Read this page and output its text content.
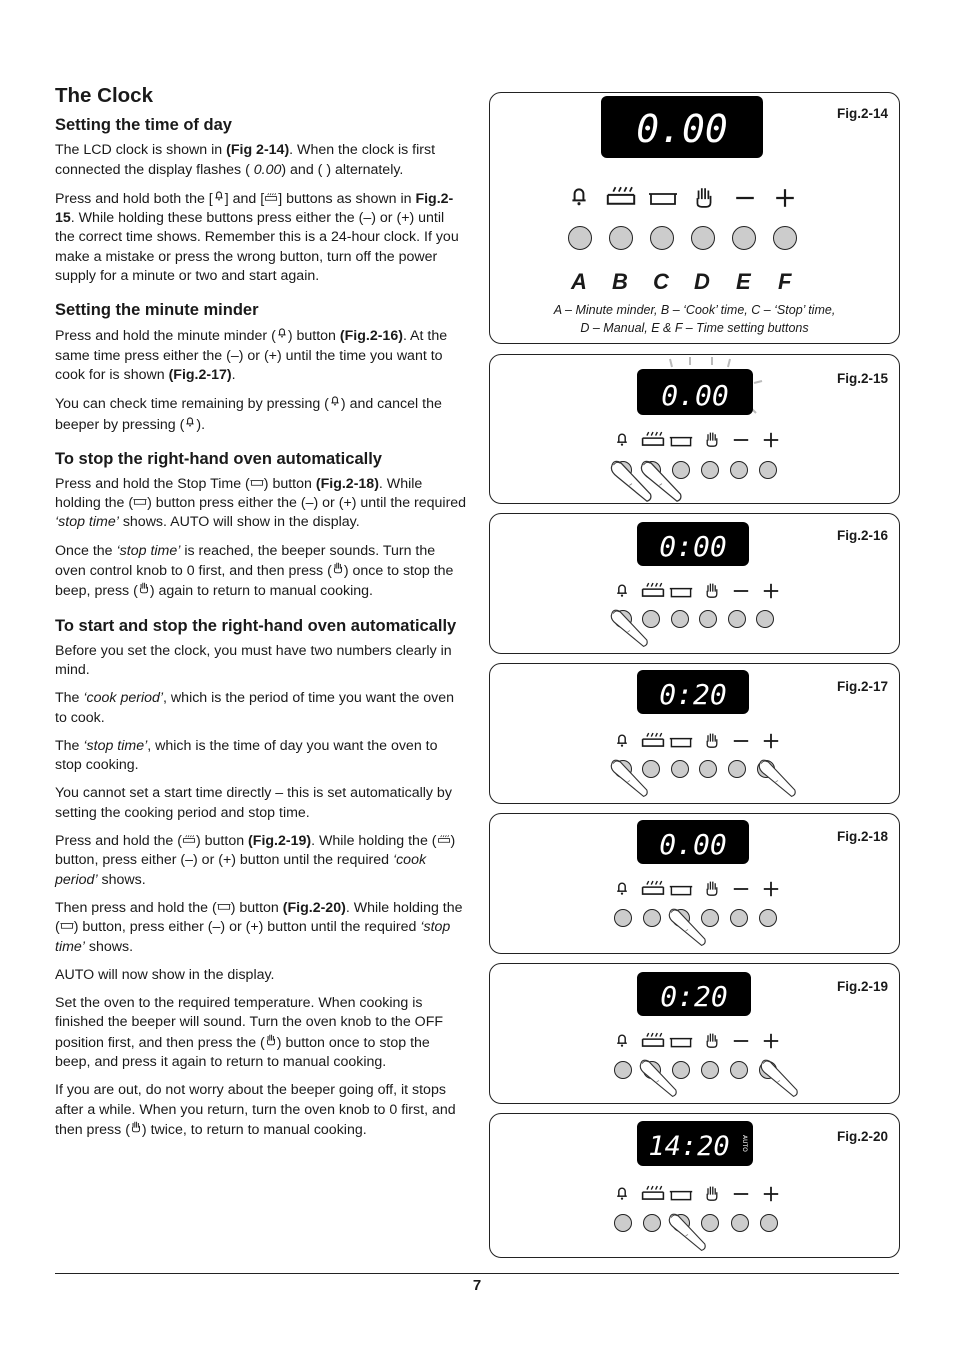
The Clock
Setting the time of day

The LCD clock is shown in (Fig 2-14). When the clock is first connected the display flashes ( 0.00) and ( ) alternately.

Press and hold both the [ ] and [ ] buttons as shown in Fig.2-15. While holding these buttons press either the (–) or (+) until the correct time shows. Remember this is a 24-hour clock. If you make a mistake or press the wrong button, turn off the power supply for a minute or two and start again.

Setting the minute minder

Press and hold the minute minder ( ) button (Fig.2-16). At the same time press either the (–) or (+) until the time you want to cook for is shown (Fig.2-17).

You can check time remaining by pressing ( ) and cancel the beeper by pressing ( ).

To stop the right-hand oven automatically

Press and hold the Stop Time ( ) button (Fig.2-18). While holding the ( ) button press either the (–) or (+) until the required ‘stop time’ shows. AUTO will show in the display.

Once the ‘stop time’ is reached, the beeper sounds. Turn the oven control knob to 0 first, and then press ( ) once to stop the beep, press ( ) again to return to manual cooking.

To start and stop the right-hand oven automatically

Before you set the clock, you must have two numbers clearly in mind.

The ‘cook period’, which is the period of time you want the oven to cook.

The ‘stop time’, which is the time of day you want the oven to stop cooking.

You cannot set a start time directly – this is set automatically by setting the cooking period and stop time.

Press and hold the ( ) button (Fig.2-19). While holding the ( ) button, press either (–) or (+) button until the required ‘cook period’ shows.

Then press and hold the ( ) button (Fig.2-20). While holding the ( ) button, press either (–) or (+) button until the required ‘stop time’ shows.

AUTO will now show in the display.

Set the oven to the required temperature. When cooking is finished the beeper will sound. Turn the oven knob to the OFF position first, and then press the ( ) button once to stop the beep, and press it again to return to manual cooking.

If you are out, do not worry about the beeper going off, it stops after a while. When you return, turn the oven knob to 0 first, and then press ( ) twice, to return to manual cooking.

Fig.2-14
0.00
A B C D E F
A – Minute minder, B – ‘Cook’ time, C – ‘Stop’ time,
D – Manual, E & F – Time setting buttons
Fig.2-15
0.00
Fig.2-16
0:00
Fig.2-17
0:20
Fig.2-18
0.00
Fig.2-19
0:20
Fig.2-20
14:20 AUTO
7
